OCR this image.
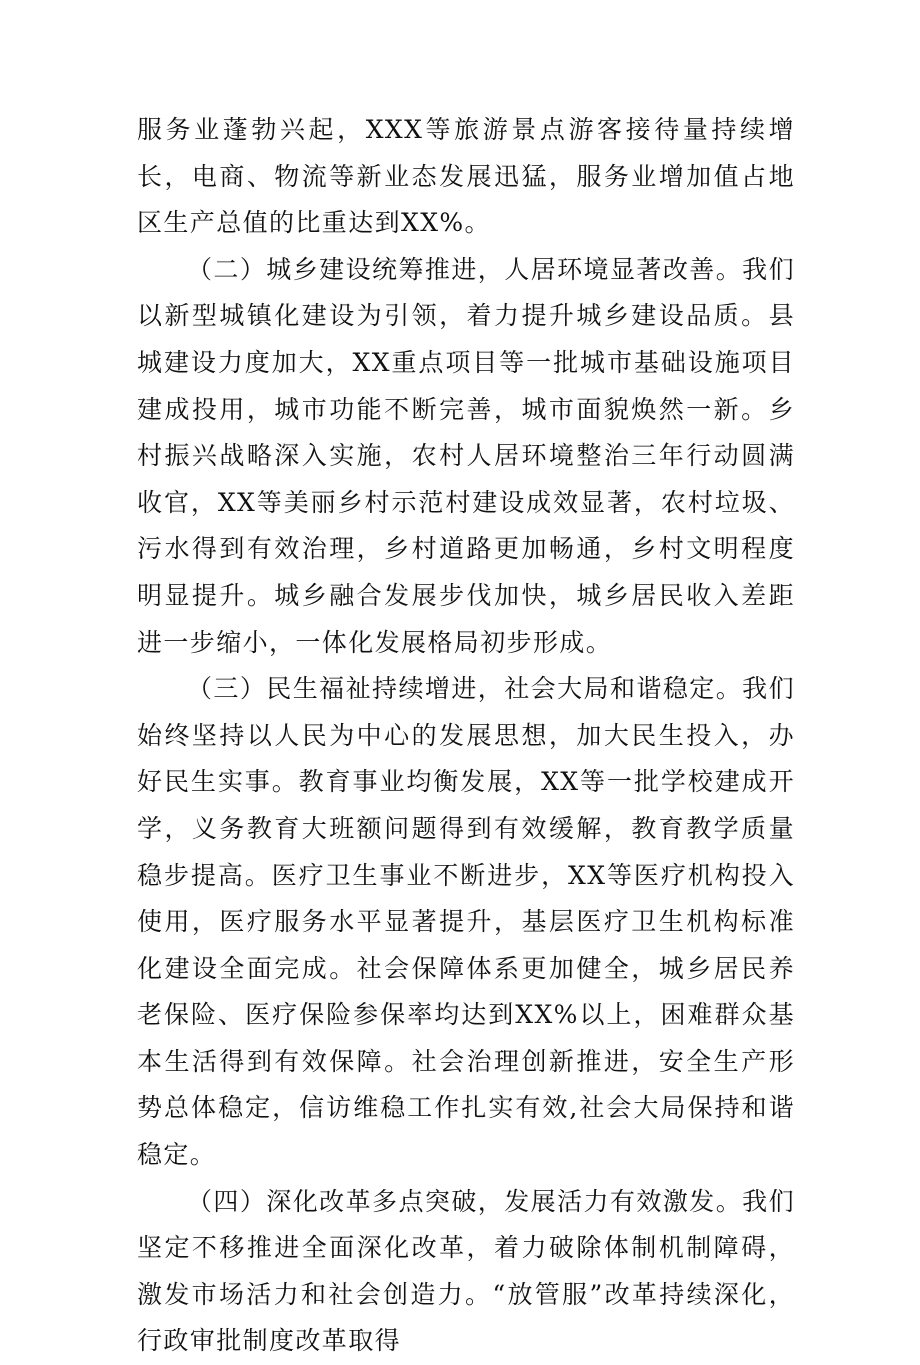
服务业蓬勃兴起，XXX等旅游景点游客接待量持续增长，电商、物流等新业态发展迅猛，服务业增加值占地区生产总值的比重达到XX%。

（二）城乡建设统筹推进，人居环境显著改善。我们以新型城镇化建设为引领，着力提升城乡建设品质。县城建设力度加大，XX重点项目等一批城市基础设施项目建成投用，城市功能不断完善，城市面貌焕然一新。乡村振兴战略深入实施，农村人居环境整治三年行动圆满收官，XX等美丽乡村示范村建设成效显著，农村垃圾、污水得到有效治理，乡村道路更加畅通，乡村文明程度明显提升。城乡融合发展步伐加快，城乡居民收入差距进一步缩小，一体化发展格局初步形成。

（三）民生福祉持续增进，社会大局和谐稳定。我们始终坚持以人民为中心的发展思想，加大民生投入，办好民生实事。教育事业均衡发展，XX等一批学校建成开学，义务教育大班额问题得到有效缓解，教育教学质量稳步提高。医疗卫生事业不断进步，XX等医疗机构投入使用，医疗服务水平显著提升，基层医疗卫生机构标准化建设全面完成。社会保障体系更加健全，城乡居民养老保险、医疗保险参保率均达到XX%以上，困难群众基本生活得到有效保障。社会治理创新推进，安全生产形势总体稳定，信访维稳工作扎实有效,社会大局保持和谐稳定。

（四）深化改革多点突破，发展活力有效激发。我们坚定不移推进全面深化改革，着力破除体制机制障碍，激发市场活力和社会创造力。“放管服”改革持续深化，行政审批制度改革取得
